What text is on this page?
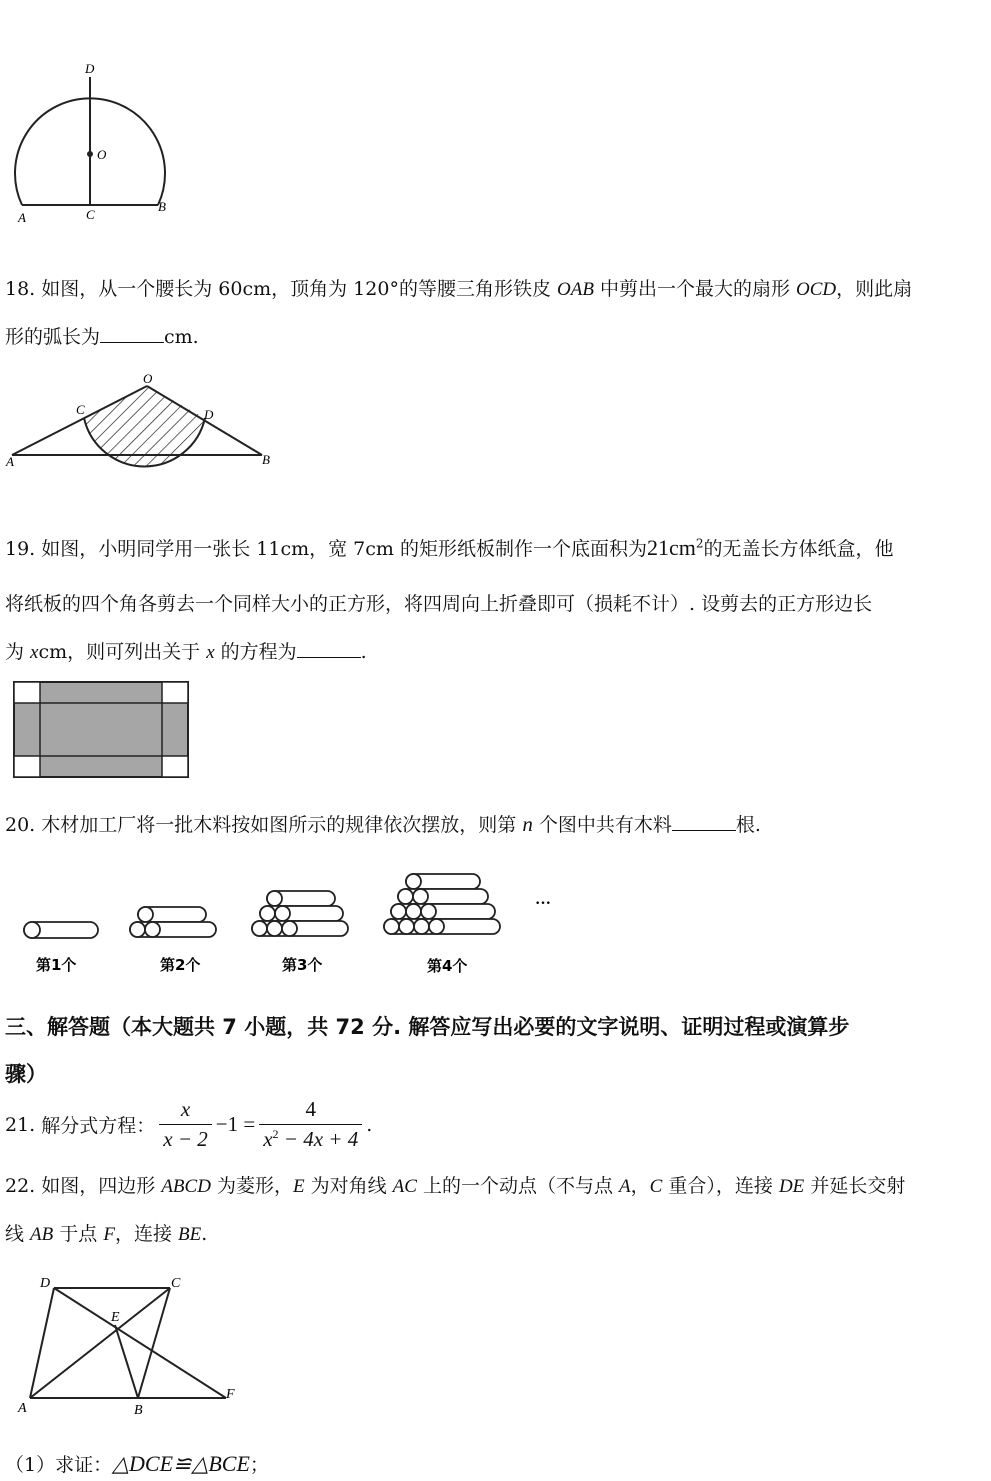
D
O
A	C
B
18. 如图，从一个腰长为 60cm，顶角为 120°的等腰三角形铁皮 OAB 中剪出一个最大的扇形 OCD，则此扇
形的弧长为	cm.
O
C	D
A	B
19. 如图，小明同学用一张长 11cm，宽 7cm 的矩形纸板制作一个底面积为$21cm^2$的无盖长方体纸盒，他
将纸板的四个角各剪去一个同样大小的正方形，将四周向上折叠即可（损耗不计）. 设剪去的正方形边长
为 xcm，则可列出关于 x 的方程为	.
20. 木材加工厂将一批木料按如图所示的规律依次摆放，则第 n 个图中共有木料	根.
···
第1个	第2个	第3个	第4个
三、解答题（本大题共 7 小题，共 72 分. 解答应写出必要的文字说明、证明过程或演算步
骤）
21.
解分式方程： $\frac{x}{x - 2} -1 = \frac{4}{x^2 - 4x + 4}$ .
22. 如图，四边形 ABCD 为菱形，E 为对角线 AC 上的一个动点（不与点 A，C 重合），连接 DE 并延长交射
线 AB 于点 F，连接 BE.
D	C
E
A	B
F
（1）求证：△DCE≌△BCE；
